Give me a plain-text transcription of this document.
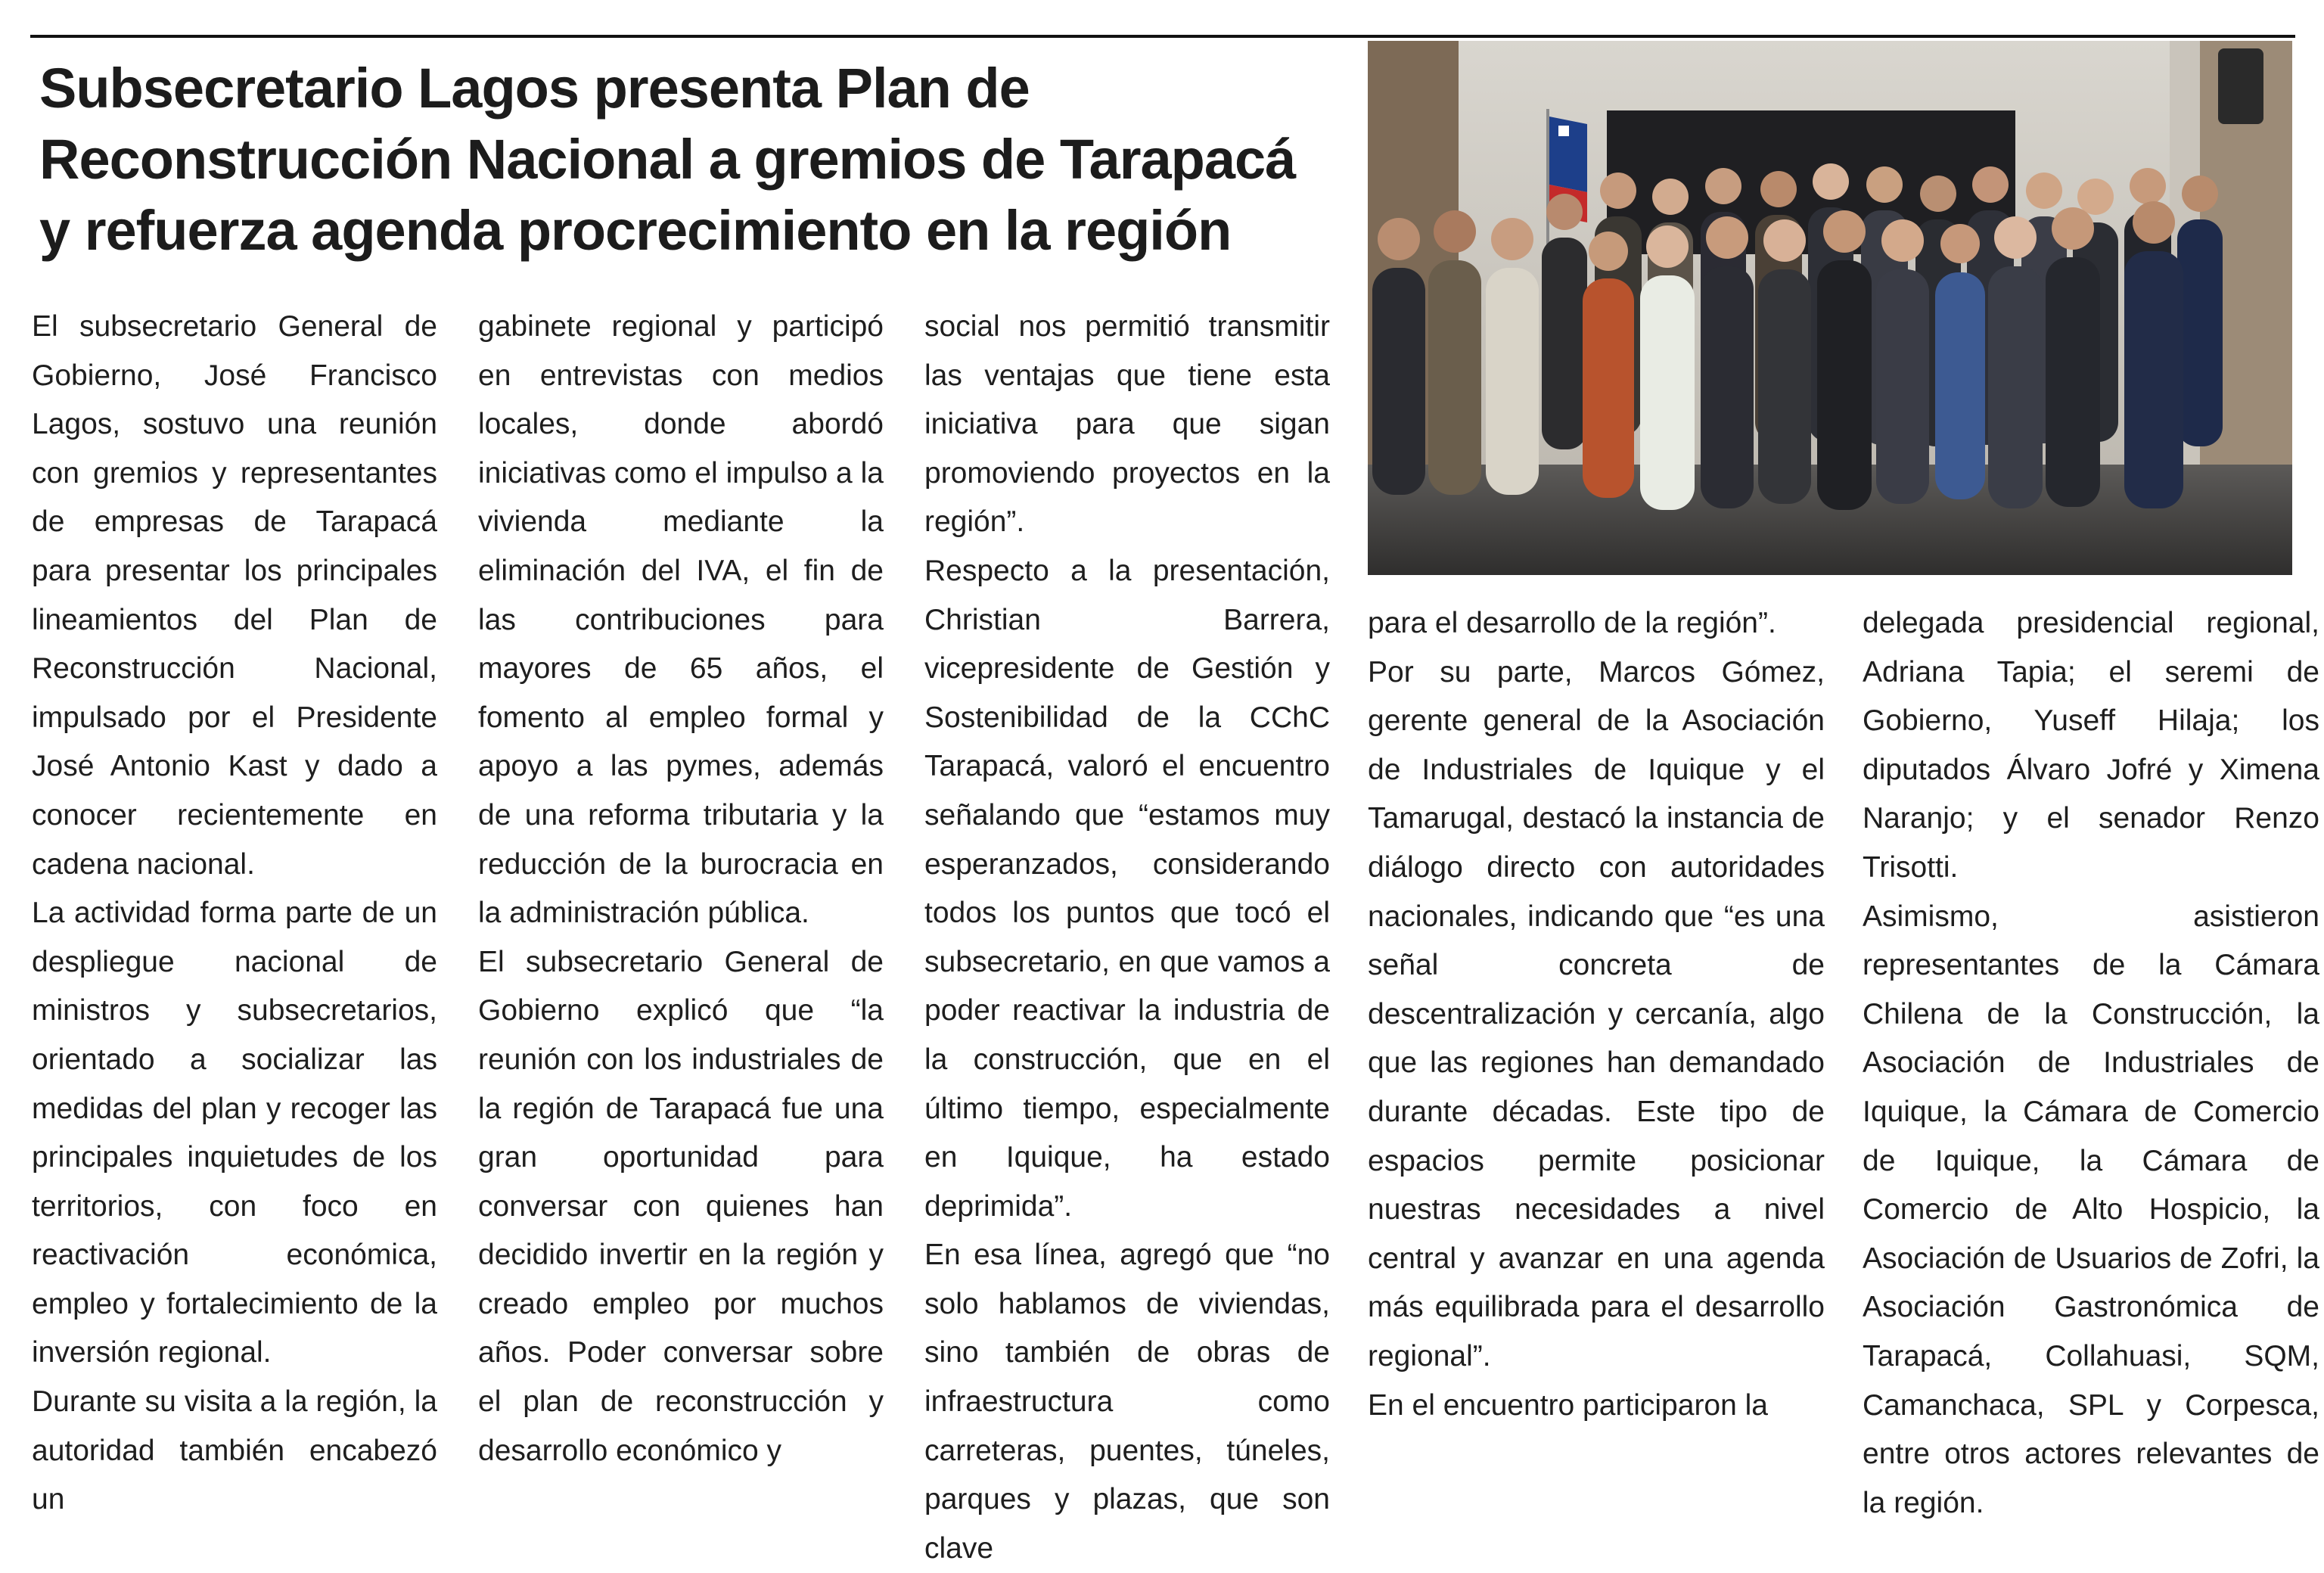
Subsecretario Lagos presenta Plan de Reconstrucción Nacional a gremios de Tarapacá y refuerza agenda procrecimiento en la región

El subsecretario General de Gobierno, José Francisco Lagos, sostuvo una reunión con gremios y representantes de empresas de Tarapacá para presentar los principales lineamientos del Plan de Reconstrucción Nacional, impulsado por el Presidente José Antonio Kast y dado a conocer recientemente en cadena nacional.

La actividad forma parte de un despliegue nacional de ministros y subsecretarios, orientado a socializar las medidas del plan y recoger las principales inquietudes de los territorios, con foco en reactivación económica, empleo y fortalecimiento de la inversión regional.

Durante su visita a la región, la autoridad también encabezó un

gabinete regional y participó en entrevistas con medios locales, donde abordó iniciativas como el impulso a la vivienda mediante la eliminación del IVA, el fin de las contribuciones para mayores de 65 años, el fomento al empleo formal y apoyo a las pymes, además de una reforma tributaria y la reducción de la burocracia en la administración pública.

El subsecretario General de Gobierno explicó que “la reunión con los industriales de la región de Tarapacá fue una gran oportunidad para conversar con quienes han decidido invertir en la región y creado empleo por muchos años. Poder conversar sobre el plan de reconstrucción y desarrollo económico y

social nos permitió transmitir las ventajas que tiene esta iniciativa para que sigan promoviendo proyectos en la región”.

Respecto a la presentación, Christian Barrera, vicepresidente de Gestión y Sostenibilidad de la CChC Tarapacá, valoró el encuentro señalando que “estamos muy esperanzados, considerando todos los puntos que tocó el subsecretario, en que vamos a poder reactivar la industria de la construcción, que en el último tiempo, especialmente en Iquique, ha estado deprimida”.

En esa línea, agregó que “no solo hablamos de viviendas, sino también de obras de infraestructura como carreteras, puentes, túneles, parques y plazas, que son clave

para el desarrollo de la región”.

Por su parte, Marcos Gómez, gerente general de la Asociación de Industriales de Iquique y el Tamarugal, destacó la instancia de diálogo directo con autoridades nacionales, indicando que “es una señal concreta de descentralización y cercanía, algo que las regiones han demandado durante décadas. Este tipo de espacios permite posicionar nuestras necesidades a nivel central y avanzar en una agenda más equilibrada para el desarrollo regional”.

En el encuentro participaron la

delegada presidencial regional, Adriana Tapia; el seremi de Gobierno, Yuseff Hilaja; los diputados Álvaro Jofré y Ximena Naranjo; y el senador Renzo Trisotti.

Asimismo, asistieron representantes de la Cámara Chilena de la Construcción, la Asociación de Industriales de Iquique, la Cámara de Comercio de Iquique, la Cámara de Comercio de Alto Hospicio, la Asociación de Usuarios de Zofri, la Asociación Gastronómica de Tarapacá, Collahuasi, SQM, Camanchaca, SPL y Corpesca, entre otros actores relevantes de la región.
